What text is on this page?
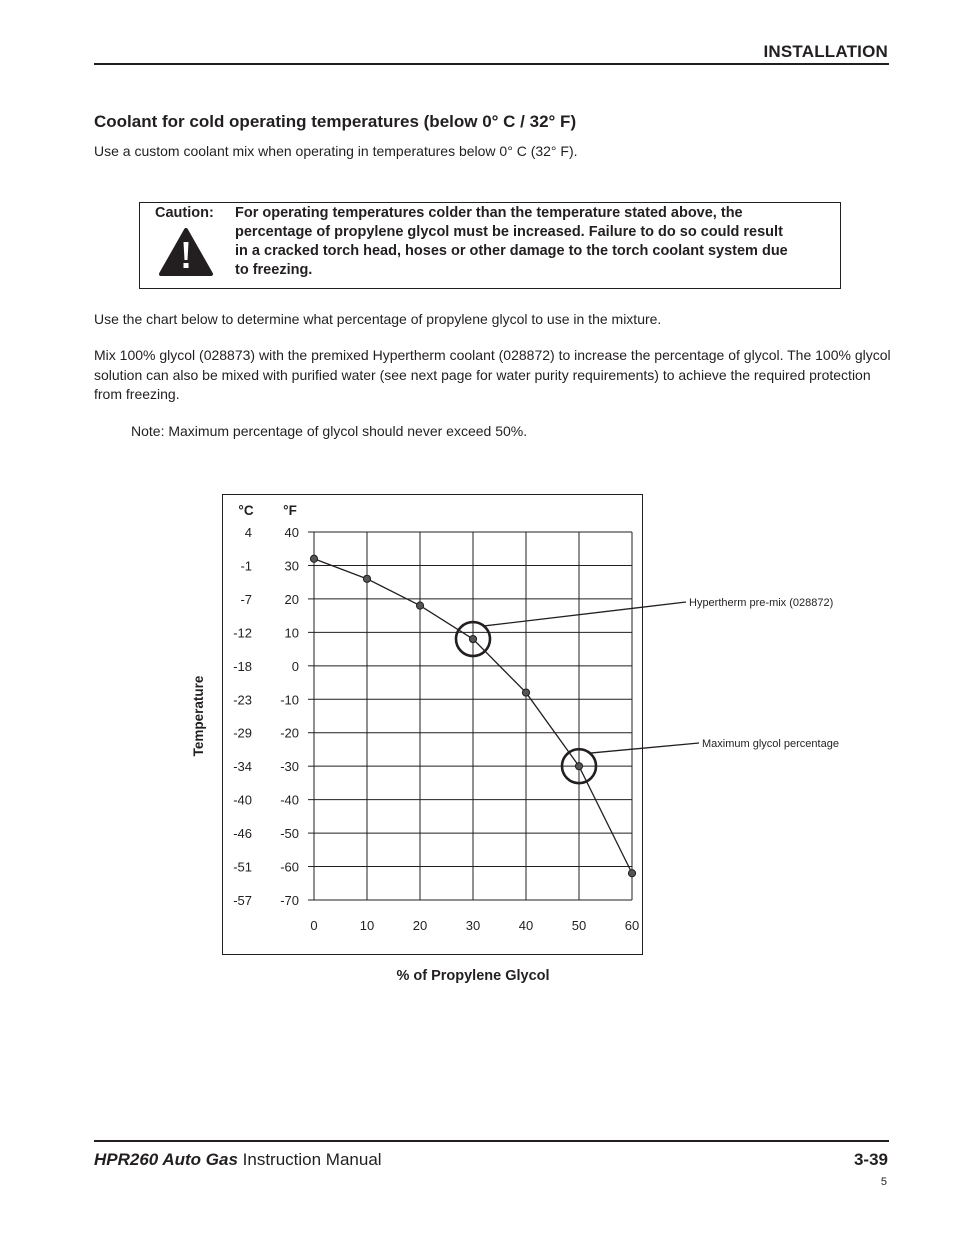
INSTALLATION
Coolant for cold operating temperatures (below 0° C / 32° F)
Use a custom coolant mix when operating in temperatures below 0° C (32° F).
Caution: For operating temperatures colder than the temperature stated above, the percentage of propylene glycol must be increased. Failure to do so could result in a cracked torch head, hoses or other damage to the torch coolant system due to freezing.
Use the chart below to determine what percentage of propylene glycol to use in the mixture.
Mix 100% glycol (028873) with the premixed Hypertherm coolant (028872) to increase the percentage of glycol. The 100% glycol solution can also be mixed with purified water (see next page for water purity requirements) to achieve the required protection from freezing.
Note: Maximum percentage of glycol should never exceed 50%.
°C °F
40
4
30
-1
20
-7
10
-12
0
-18
-10
-23
-20
-29
-30
-34
-40
-40
-50
-46
-60
-51
-70
-57
0	10	20	30	40	50	60
% of Propylene Glycol
Temperature
Hypertherm pre-mix (028872)
Maximum glycol percentage
HPR260 Auto Gas Instruction Manual	3-39
5
